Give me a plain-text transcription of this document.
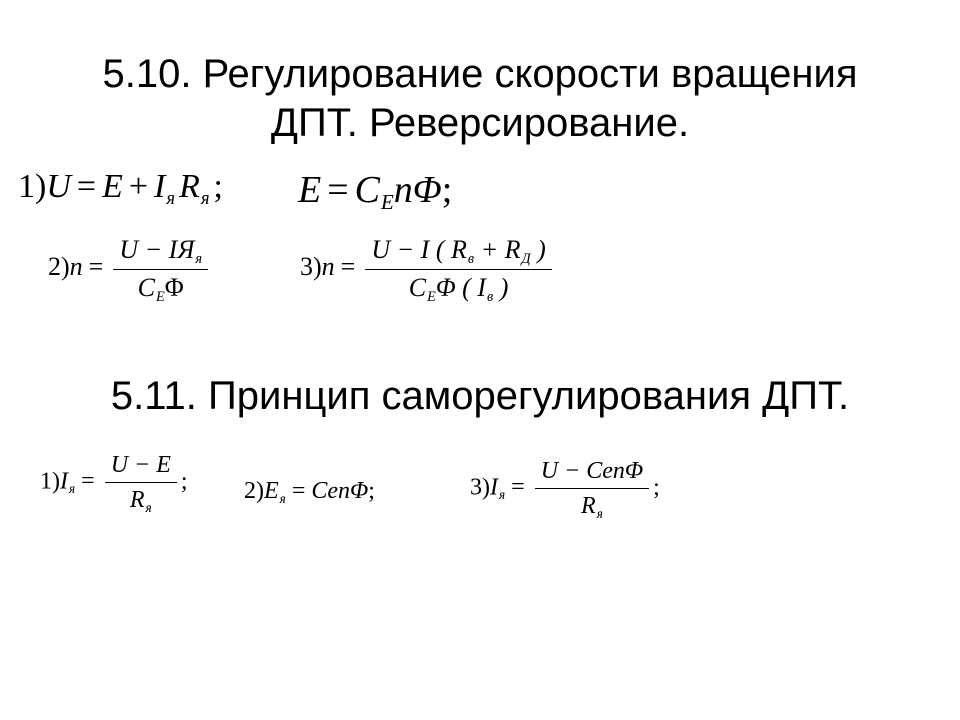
5.10. Регулирование скорости вращения
ДПТ. Реверсирование.
5.11. Принцип саморегулирования ДПТ.
1)U = E + Iя Rя ; E = CEnΦ;
$2)n = \frac{\text{U − IЯя}}{\text{CEΦ}}$	$3)n = \frac{U - I ( Rв + RД )}{\text{CEΦ ( Iв )}}$
$1)Iя = \frac{U - E}{Rя}$ ; 2)Eя = CenΦ;	$3)Iя = \frac{\text{U − CenΦ}}{Rя}$ ;
